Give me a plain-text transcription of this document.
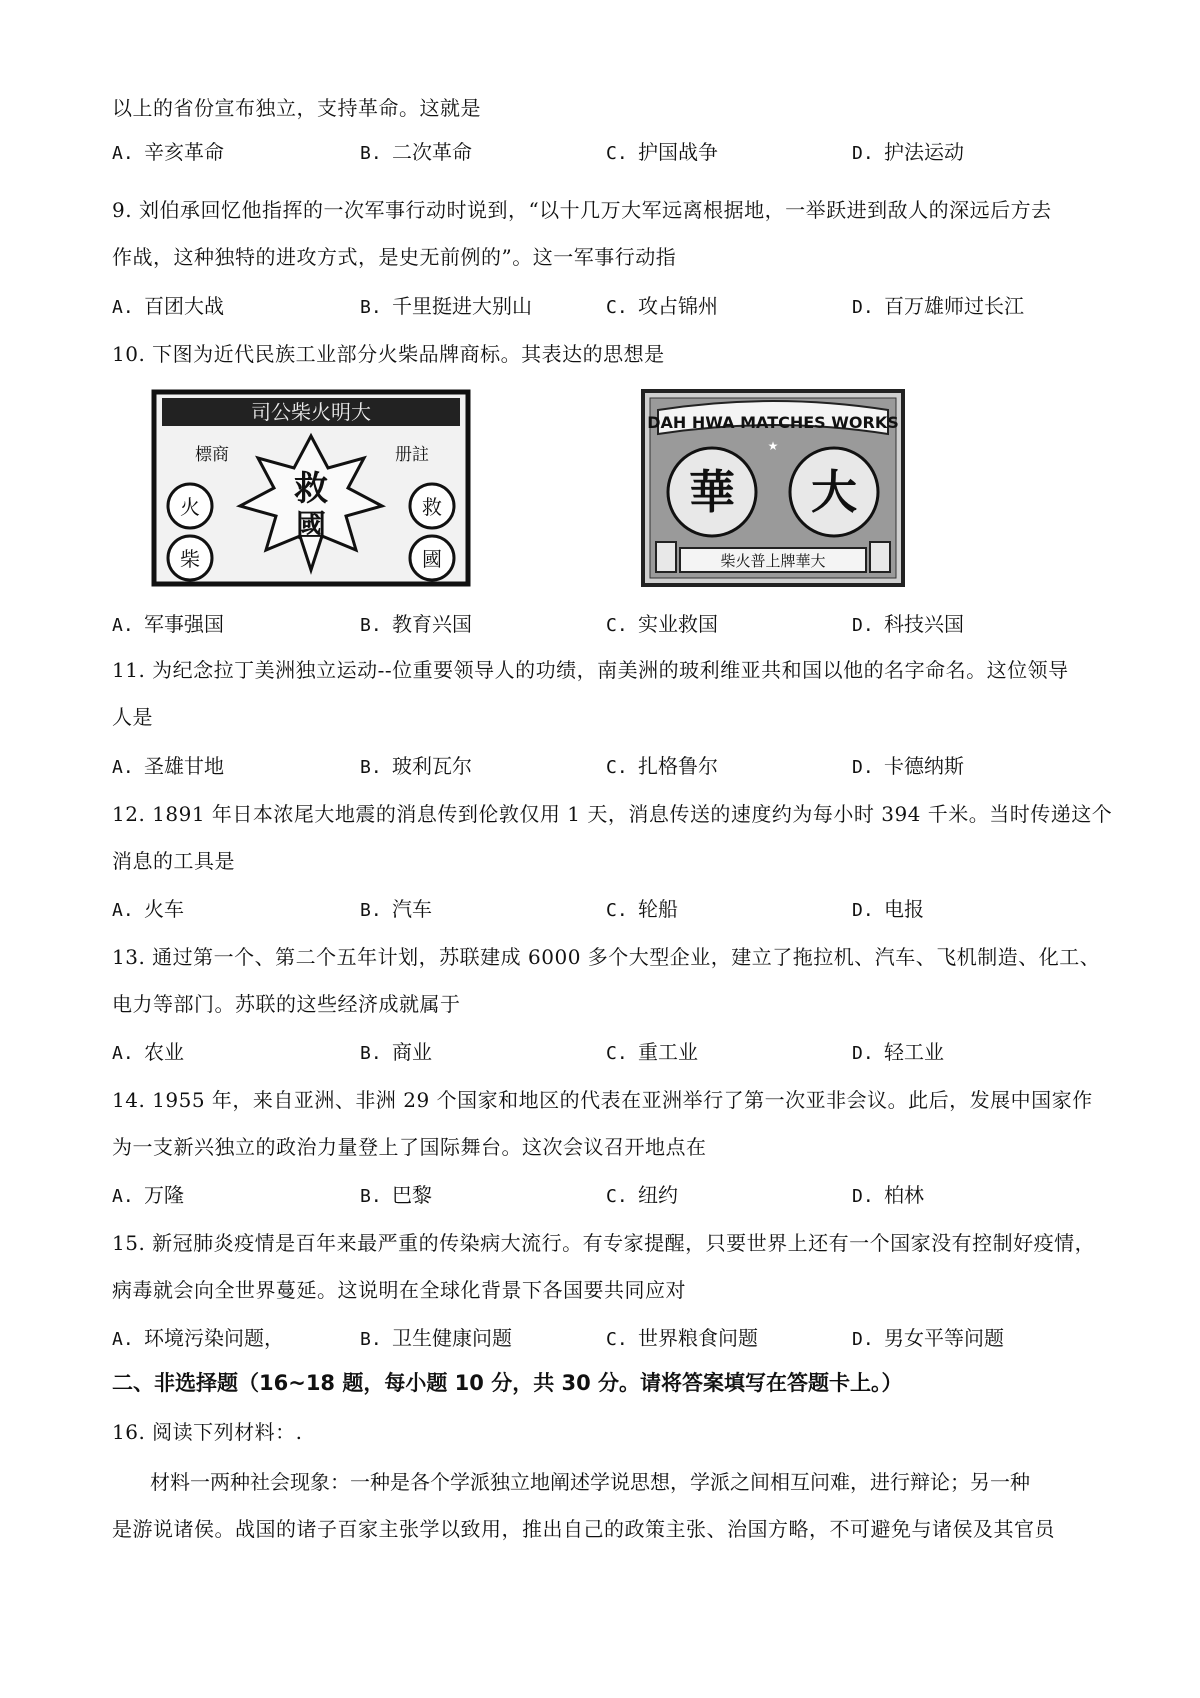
以上的省份宣布独立，支持革命。这就是
A. 辛亥革命	B. 二次革命	C. 护国战争	D. 护法运动
9. 刘伯承回忆他指挥的一次军事行动时说到，“以十几万大军远离根据地，一举跃进到敌人的深远后方去
作战，这种独特的进攻方式，是史无前例的”。这一军事行动指
A. 百团大战	B. 千里挺进大别山	C. 攻占锦州	D. 百万雄师过长江
10. 下图为近代民族工业部分火柴品牌商标。其表达的思想是
司公柴火明大
標商	册註
救
國
火
柴
救
國
DAH HWA MATCHES WORKS
★
華 大
柴火普上牌華大
A. 军事强国	B. 教育兴国	C. 实业救国	D. 科技兴国
11. 为纪念拉丁美洲独立运动--位重要领导人的功绩，南美洲的玻利维亚共和国以他的名字命名。这位领导
人是
A. 圣雄甘地	B. 玻利瓦尔	C. 扎格鲁尔	D. 卡德纳斯
12. 1891 年日本浓尾大地震的消息传到伦敦仅用 1 天，消息传送的速度约为每小时 394 千米。当时传递这个
消息的工具是
A. 火车	B. 汽车	C. 轮船	D. 电报
13. 通过第一个、第二个五年计划，苏联建成 6000 多个大型企业，建立了拖拉机、汽车、飞机制造、化工、
电力等部门。苏联的这些经济成就属于
A. 农业	B. 商业	C. 重工业	D. 轻工业
14. 1955 年，来自亚洲、非洲 29 个国家和地区的代表在亚洲举行了第一次亚非会议。此后，发展中国家作
为一支新兴独立的政治力量登上了国际舞台。这次会议召开地点在
A. 万隆	B. 巴黎	C. 纽约	D. 柏林
15. 新冠肺炎疫情是百年来最严重的传染病大流行。有专家提醒，只要世界上还有一个国家没有控制好疫情，
病毒就会向全世界蔓延。这说明在全球化背景下各国要共同应对
A. 环境污染问题，	B. 卫生健康问题	C. 世界粮食问题	D. 男女平等问题
二、非选择题（16~18 题，每小题 10 分，共 30 分。请将答案填写在答题卡上。）
16. 阅读下列材料：.
材料一两种社会现象：一种是各个学派独立地阐述学说思想，学派之间相互问难，进行辩论；另一种
是游说诸侯。战国的诸子百家主张学以致用，推出自己的政策主张、治国方略，不可避免与诸侯及其官员
